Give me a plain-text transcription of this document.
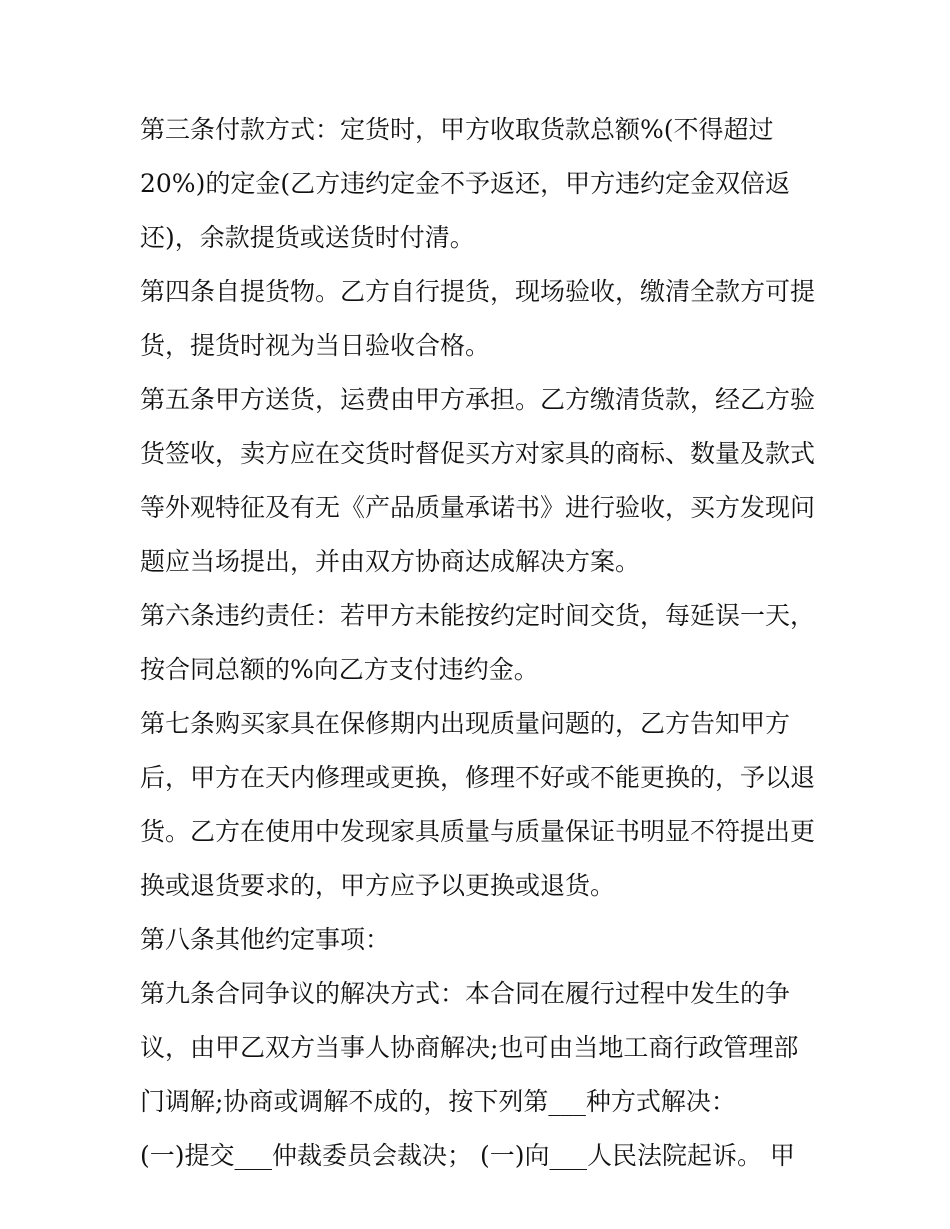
第三条付款方式：定货时，甲方收取货款总额%(不得超过
20%)的定金(乙方违约定金不予返还，甲方违约定金双倍返
还)，余款提货或送货时付清。
第四条自提货物。乙方自行提货，现场验收，缴清全款方可提
货，提货时视为当日验收合格。
第五条甲方送货，运费由甲方承担。乙方缴清货款，经乙方验
货签收，卖方应在交货时督促买方对家具的商标、数量及款式
等外观特征及有无《产品质量承诺书》进行验收，买方发现问
题应当场提出，并由双方协商达成解决方案。
第六条违约责任：若甲方未能按约定时间交货，每延误一天，
按合同总额的%向乙方支付违约金。
第七条购买家具在保修期内出现质量问题的，乙方告知甲方
后，甲方在天内修理或更换，修理不好或不能更换的，予以退
货。乙方在使用中发现家具质量与质量保证书明显不符提出更
换或退货要求的，甲方应予以更换或退货。
第八条其他约定事项：
第九条合同争议的解决方式：本合同在履行过程中发生的争
议，由甲乙双方当事人协商解决;也可由当地工商行政管理部
门调解;协商或调解不成的，按下列第___种方式解决：
(一)提交___仲裁委员会裁决； (一)向___人民法院起诉。 甲
